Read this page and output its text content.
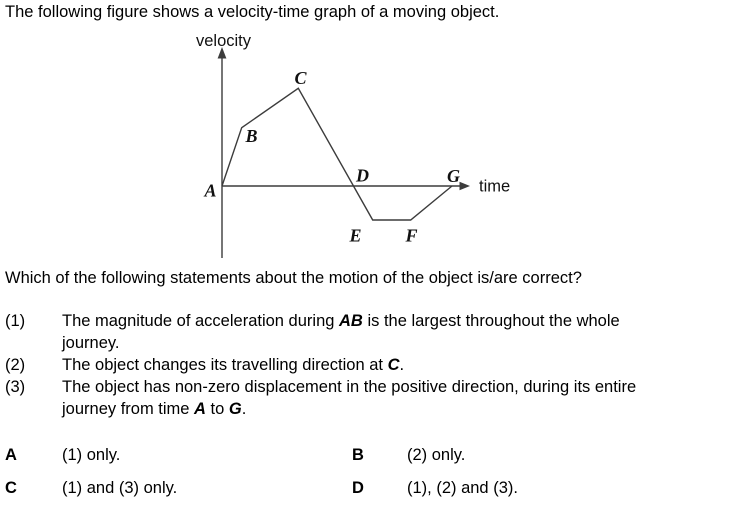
The following figure shows a velocity-time graph of a moving object.
velocity
time
A
B
C
D
E F
G
Which of the following statements about the motion of the object is/are correct?
(1) The magnitude of acceleration during AB is the largest throughout the whole
journey.
(2) The object changes its travelling direction at C.
(3) The object has non-zero displacement in the positive direction, during its entire
journey from time A to G.
A	(1) only.	B	(2) only.
C	(1) and (3) only.	D	(1), (2) and (3).
